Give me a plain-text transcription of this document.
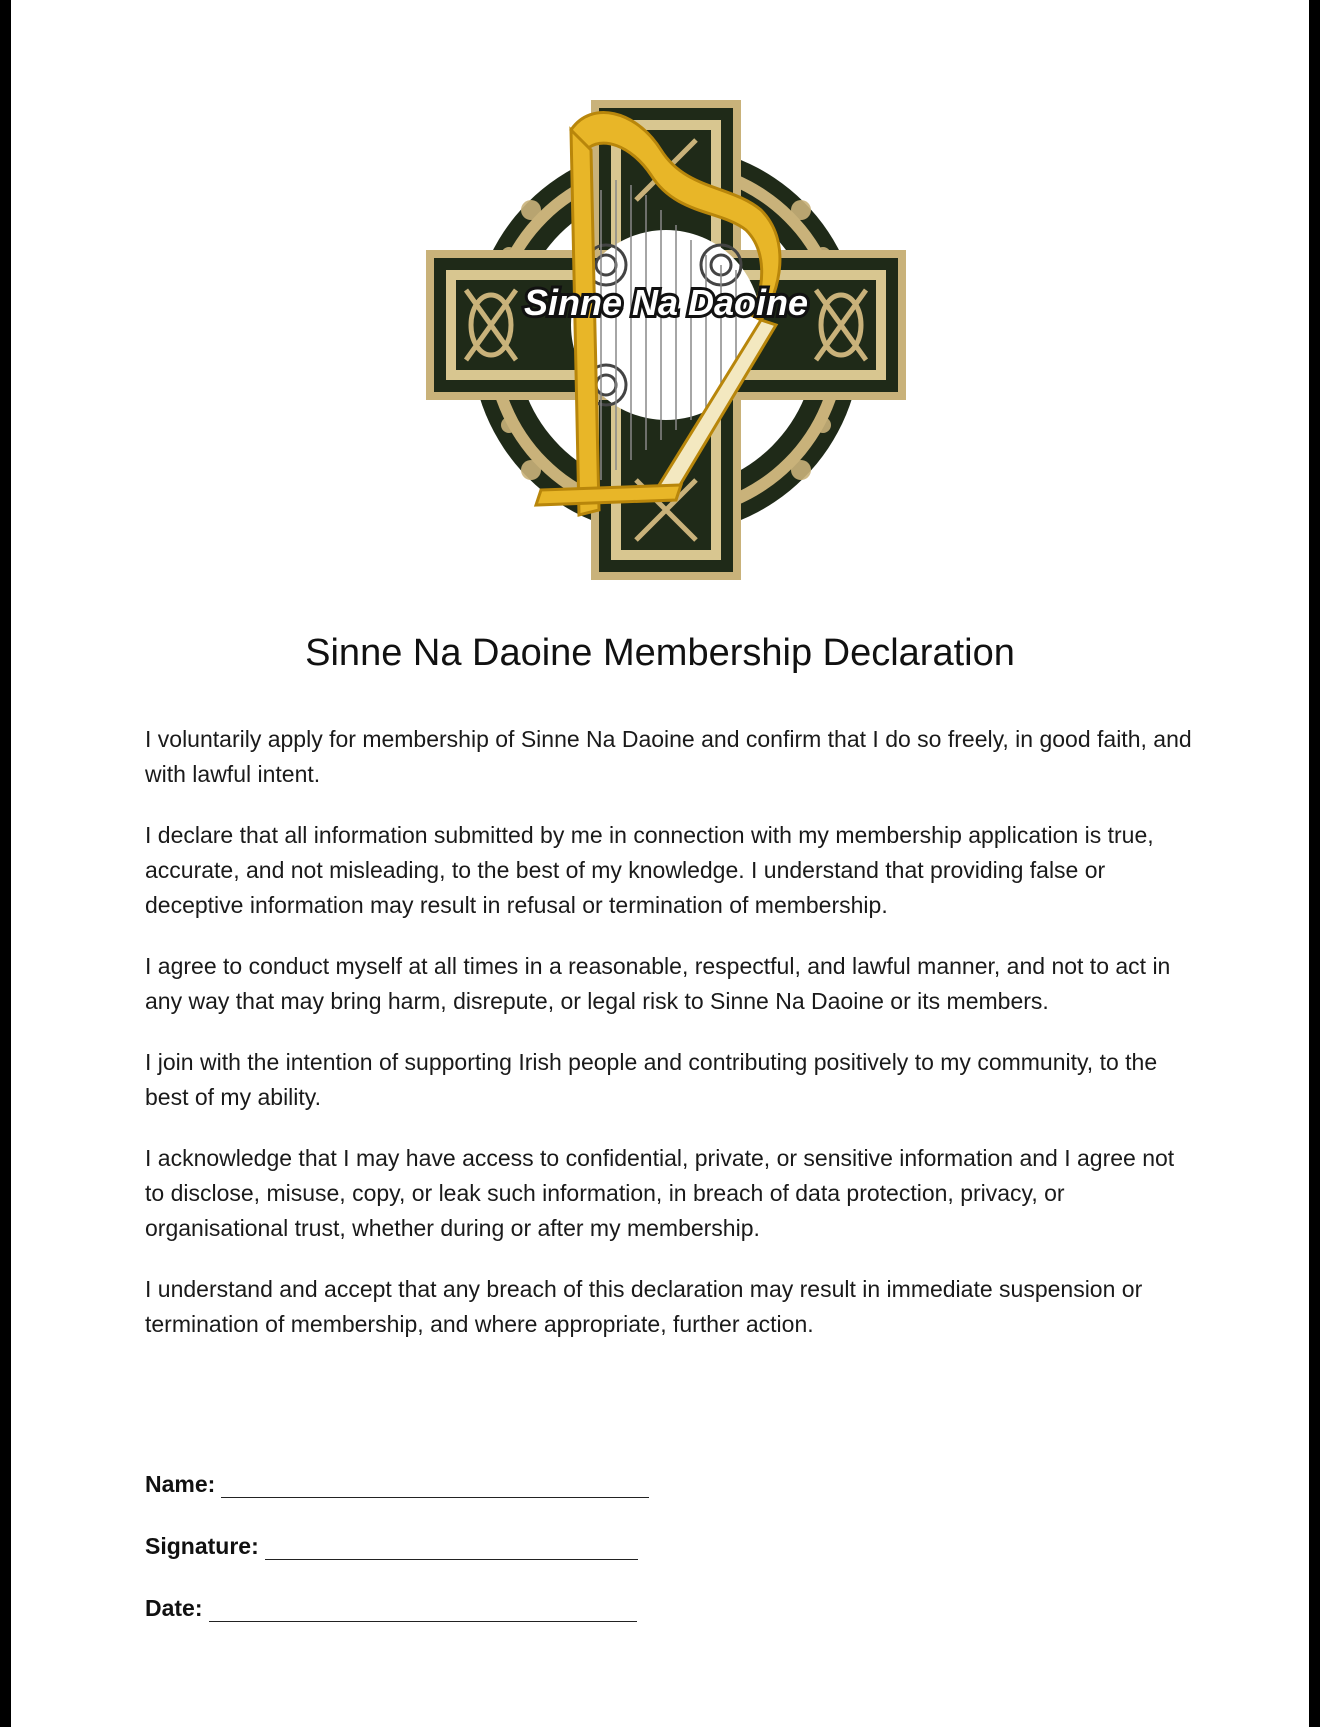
Sinne Na Daoine
Sinne Na Daoine Membership Declaration

I voluntarily apply for membership of Sinne Na Daoine and confirm that I do so freely, in good faith, and with lawful intent.

I declare that all information submitted by me in connection with my membership application is true, accurate, and not misleading, to the best of my knowledge. I understand that providing false or deceptive information may result in refusal or termination of membership.

I agree to conduct myself at all times in a reasonable, respectful, and lawful manner, and not to act in any way that may bring harm, disrepute, or legal risk to Sinne Na Daoine or its members.

I join with the intention of supporting Irish people and contributing positively to my community, to the best of my ability.

I acknowledge that I may have access to confidential, private, or sensitive information and I agree not to disclose, misuse, copy, or leak such information, in breach of data protection, privacy, or organisational trust, whether during or after my membership.

I understand and accept that any breach of this declaration may result in immediate suspension or termination of membership, and where appropriate, further action.

Name:
Signature:
Date:
